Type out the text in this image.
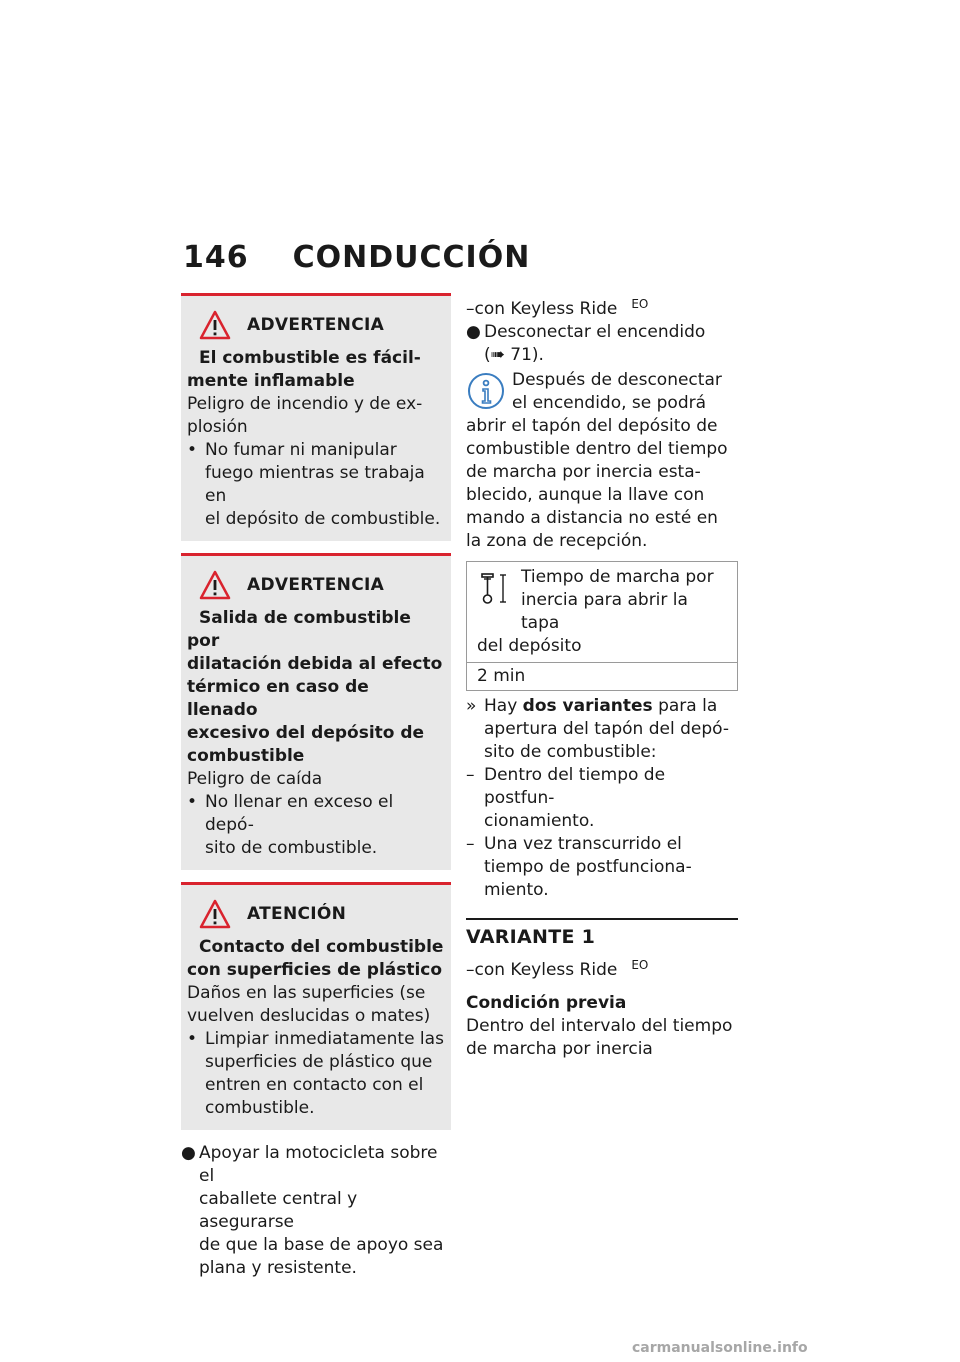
146 CONDUCCIÓN
ADVERTENCIA

El combustible es fácil-

mente inflamable

Peligro de incendio y de ex-

plosión

• No fumar ni manipular
fuego mientras se trabaja en
el depósito de combustible.
ADVERTENCIA

Salida de combustible por

dilatación debida al efecto

térmico en caso de llenado

excesivo del depósito de

combustible

Peligro de caída

• No llenar en exceso el depó-
sito de combustible.
ATENCIÓN

Contacto del combustible

con superficies de plástico

Daños en las superficies (se

vuelven deslucidas o mates)

• Limpiar inmediatamente las
superficies de plástico que
entren en contacto con el
combustible.
● Apoyar la motocicleta sobre el
caballete central y asegurarse
de que la base de apoyo sea
plana y resistente.
–con Keyless Ride $^{EO}$
● Desconectar el encendido
(➠ 71).

Después de desconectar

el encendido, se podrá

abrir el tapón del depósito de

combustible dentro del tiempo

de marcha por inercia esta-

blecido, aunque la llave con

mando a distancia no esté en

la zona de recepción.

Tiempo de marcha por

inercia para abrir la tapa

del depósito

2 min
» Hay dos variantes para la
apertura del tapón del depó-
sito de combustible:
– Dentro del tiempo de postfun-
cionamiento.
– Una vez transcurrido el
tiempo de postfunciona-
miento.
VARIANTE 1
–con Keyless Ride $^{EO}$
Condición previa

Dentro del intervalo del tiempo

de marcha por inercia

carmanualsonline.info
